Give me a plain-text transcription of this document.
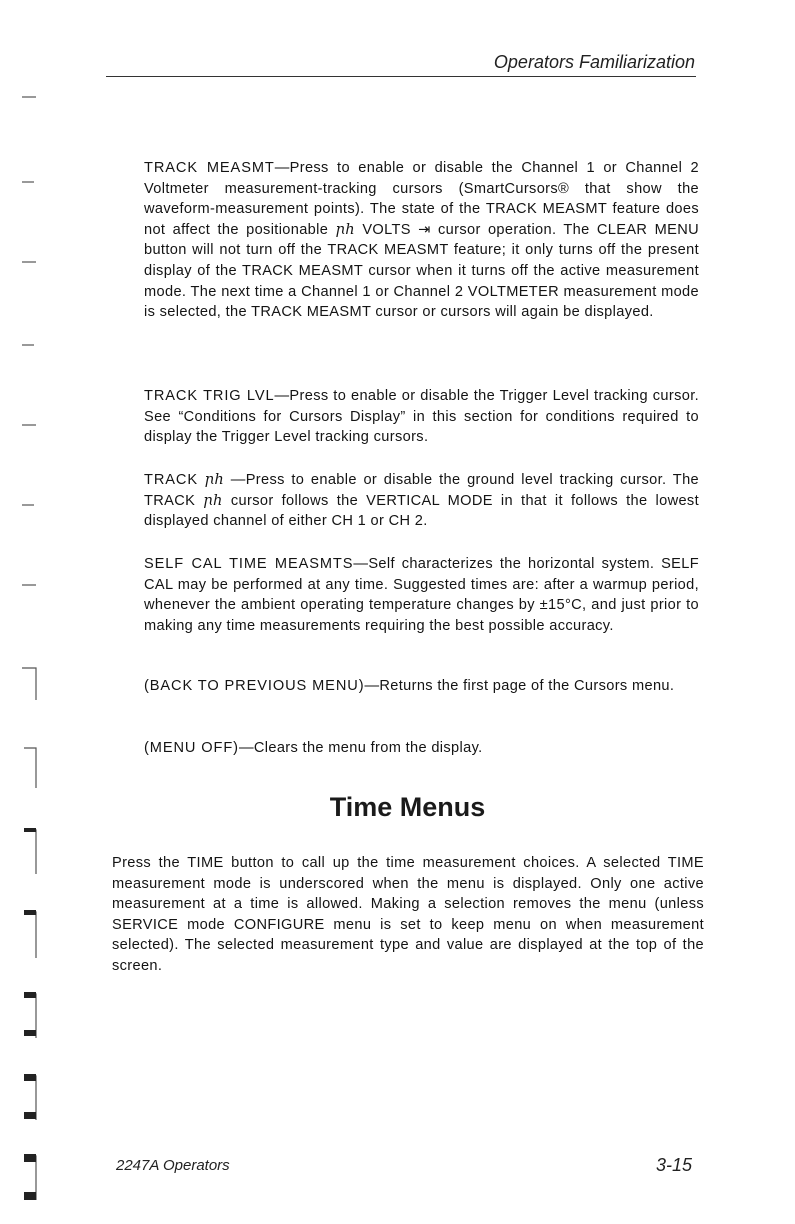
Operators Familiarization

TRACK MEASMT—Press to enable or disable the Channel 1 or Channel 2 Voltmeter measurement-tracking cursors (SmartCursors® that show the waveform-measurement points). The state of the TRACK MEASMT feature does not affect the positionable ꞃh VOLTS ⇥ cursor operation. The CLEAR MENU button will not turn off the TRACK MEASMT feature; it only turns off the present display of the TRACK MEASMT cursor when it turns off the active measurement mode. The next time a Channel 1 or Channel 2 VOLTMETER measurement mode is selected, the TRACK MEASMT cursor or cursors will again be displayed.

TRACK TRIG LVL—Press to enable or disable the Trigger Level tracking cursor. See “Conditions for Cursors Display” in this section for conditions required to display the Trigger Level tracking cursors.

TRACK ꞃh —Press to enable or disable the ground level tracking cursor. The TRACK ꞃh cursor follows the VERTICAL MODE in that it follows the lowest displayed channel of either CH 1 or CH 2.

SELF CAL TIME MEASMTS—Self characterizes the horizontal system. SELF CAL may be performed at any time. Suggested times are: after a warmup period, whenever the ambient operating temperature changes by ±15°C, and just prior to making any time measurements requiring the best possible accuracy.

(BACK TO PREVIOUS MENU)—Returns the first page of the Cursors menu.

(MENU OFF)—Clears the menu from the display.

Time Menus

Press the TIME button to call up the time measurement choices. A selected TIME measurement mode is underscored when the menu is displayed. Only one active measurement at a time is allowed. Making a selection removes the menu (unless SERVICE mode CONFIGURE menu is set to keep menu on when measurement selected). The selected measurement type and value are displayed at the top of the screen.

2247A Operators	3-15
